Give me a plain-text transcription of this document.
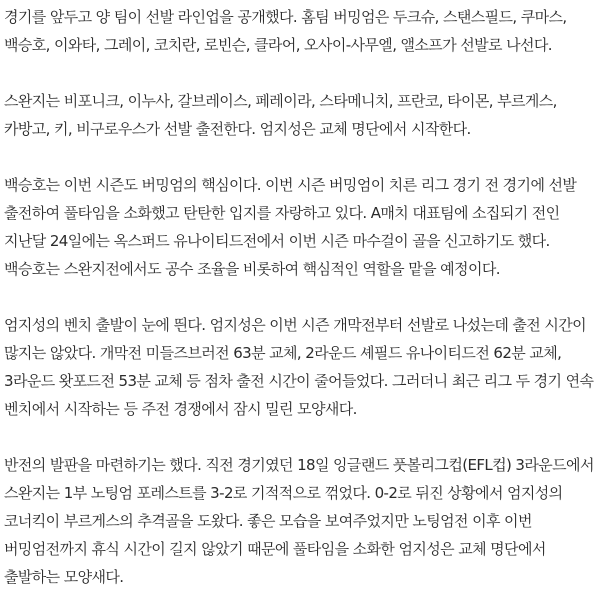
경기를 앞두고 양 팀이 선발 라인업을 공개했다. 홈팀 버밍엄은 두크슈, 스탠스필드, 쿠마스, 백승호, 이와타, 그레이, 코치란, 로빈슨, 클라어, 오사이-사무엘, 앨소프가 선발로 나선다.

스완지는 비포니크, 이누사, 갈브레이스, 페레이라, 스타메니치, 프란코, 타이몬, 부르게스, 카방고, 키, 비구로우스가 선발 출전한다. 엄지성은 교체 명단에서 시작한다.

백승호는 이번 시즌도 버밍엄의 핵심이다. 이번 시즌 버밍엄이 치른 리그 경기 전 경기에 선발 출전하여 풀타임을 소화했고 탄탄한 입지를 자랑하고 있다. A매치 대표팀에 소집되기 전인 지난달 24일에는 옥스퍼드 유나이티드전에서 이번 시즌 마수걸이 골을 신고하기도 했다. 백승호는 스완지전에서도 공수 조율을 비롯하여 핵심적인 역할을 맡을 예정이다.

엄지성의 벤치 출발이 눈에 띈다. 엄지성은 이번 시즌 개막전부터 선발로 나섰는데 출전 시간이 많지는 않았다. 개막전 미들즈브러전 63분 교체, 2라운드 셰필드 유나이티드전 62분 교체, 3라운드 왓포드전 53분 교체 등 점차 출전 시간이 줄어들었다. 그러더니 최근 리그 두 경기 연속 벤치에서 시작하는 등 주전 경쟁에서 잠시 밀린 모양새다.

반전의 발판을 마련하기는 했다. 직전 경기였던 18일 잉글랜드 풋볼리그컵(EFL컵) 3라운드에서 스완지는 1부 노팅엄 포레스트를 3-2로 기적적으로 꺾었다. 0-2로 뒤진 상황에서 엄지성의 코너킥이 부르게스의 추격골을 도왔다. 좋은 모습을 보여주었지만 노팅엄전 이후 이번 버밍엄전까지 휴식 시간이 길지 않았기 때문에 풀타임을 소화한 엄지성은 교체 명단에서 출발하는 모양새다.
